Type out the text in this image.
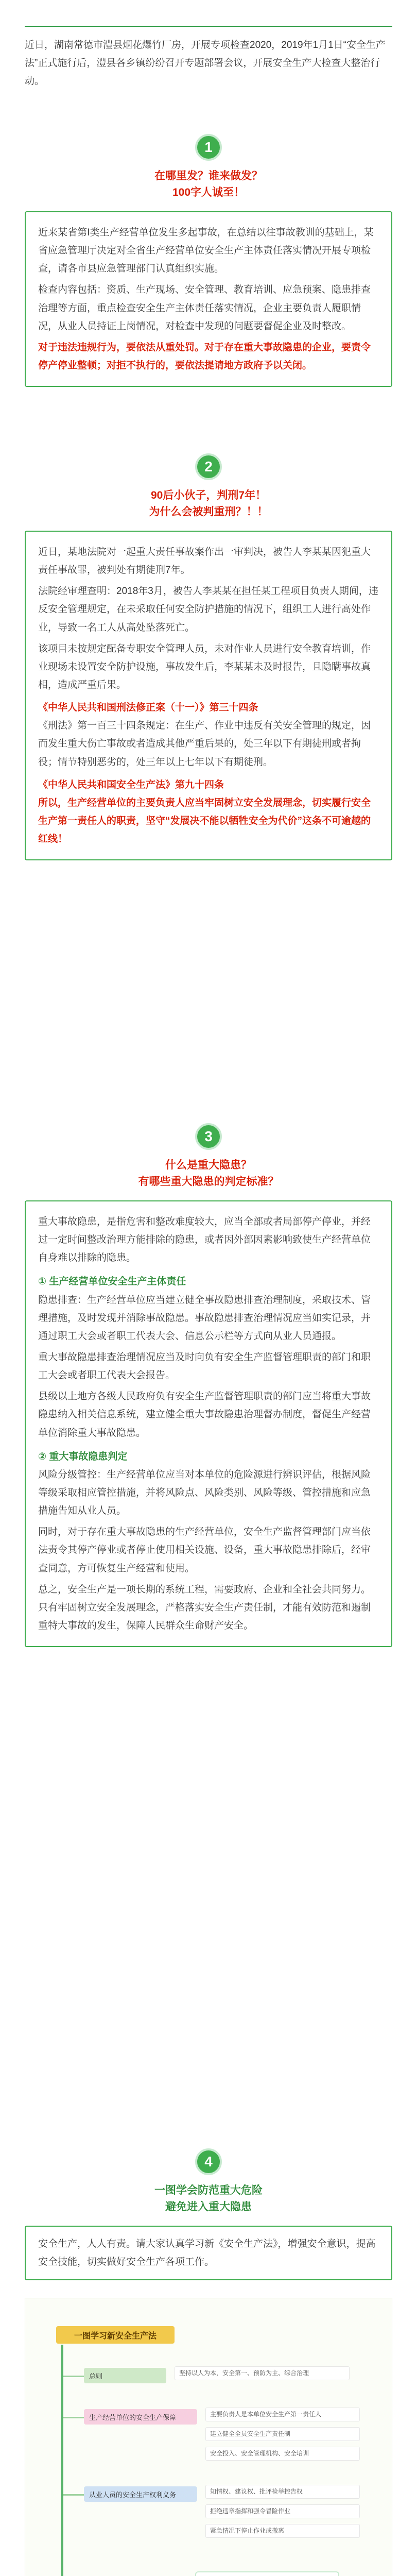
近日，湖南常德市澧县烟花爆竹厂房，开展专项检查2020，2019年1月1日“安全生产法”正式施行后，澧县各乡镇纷纷召开专题部署会议，开展安全生产大检查大整治行动。
1
在哪里发？谁来做发？
100字人诚至！
近来某省第Ⅰ类生产经营单位发生多起事故，在总结以往事故教训的基础上，某省应急管理厅决定对全省生产经营单位安全生产主体责任落实情况开展专项检查，请各市县应急管理部门认真组织实施。
检查内容包括：资质、生产现场、安全管理、教育培训、应急预案、隐患排查治理等方面，重点检查安全生产主体责任落实情况，企业主要负责人履职情况，从业人员持证上岗情况，对检查中发现的问题要督促企业及时整改。
对于违法违规行为，要依法从重处罚。对于存在重大事故隐患的企业，要责令停产停业整顿；对拒不执行的，要依法提请地方政府予以关闭。
2
90后小伙子，判刑7年！
为什么会被判重刑？！！
近日，某地法院对一起重大责任事故案作出一审判决，被告人李某某因犯重大责任事故罪，被判处有期徒刑7年。
法院经审理查明：2018年3月，被告人李某某在担任某工程项目负责人期间，违反安全管理规定，在未采取任何安全防护措施的情况下，组织工人进行高处作业，导致一名工人从高处坠落死亡。
该项目未按规定配备专职安全管理人员，未对作业人员进行安全教育培训，作业现场未设置安全防护设施，事故发生后，李某某未及时报告，且隐瞒事故真相，造成严重后果。
《中华人民共和国刑法修正案（十一）》第三十四条
《刑法》第一百三十四条规定：在生产、作业中违反有关安全管理的规定，因而发生重大伤亡事故或者造成其他严重后果的，处三年以下有期徒刑或者拘役；情节特别恶劣的，处三年以上七年以下有期徒刑。
《中华人民共和国安全生产法》第九十四条
所以，生产经营单位的主要负责人应当牢固树立安全发展理念，切实履行安全生产第一责任人的职责，坚守“发展决不能以牺牲安全为代价”这条不可逾越的红线！
3
什么是重大隐患？
有哪些重大隐患的判定标准？
重大事故隐患，是指危害和整改难度较大，应当全部或者局部停产停业，并经过一定时间整改治理方能排除的隐患，或者因外部因素影响致使生产经营单位自身难以排除的隐患。
① 生产经营单位安全生产主体责任
隐患排查：生产经营单位应当建立健全事故隐患排查治理制度，采取技术、管理措施，及时发现并消除事故隐患。事故隐患排查治理情况应当如实记录，并通过职工大会或者职工代表大会、信息公示栏等方式向从业人员通报。
重大事故隐患排查治理情况应当及时向负有安全生产监督管理职责的部门和职工大会或者职工代表大会报告。
县级以上地方各级人民政府负有安全生产监督管理职责的部门应当将重大事故隐患纳入相关信息系统，建立健全重大事故隐患治理督办制度，督促生产经营单位消除重大事故隐患。
② 重大事故隐患判定
风险分级管控：生产经营单位应当对本单位的危险源进行辨识评估，根据风险等级采取相应管控措施，并将风险点、风险类别、风险等级、管控措施和应急措施告知从业人员。
同时，对于存在重大事故隐患的生产经营单位，安全生产监督管理部门应当依法责令其停产停业或者停止使用相关设施、设备，重大事故隐患排除后，经审查同意，方可恢复生产经营和使用。
总之，安全生产是一项长期的系统工程，需要政府、企业和全社会共同努力。只有牢固树立安全发展理念，严格落实安全生产责任制，才能有效防范和遏制重特大事故的发生，保障人民群众生命财产安全。
4
一图学会防范重大危险
避免进入重大隐患
安全生产，人人有责。请大家认真学习新《安全生产法》，增强安全意识，提高安全技能，切实做好安全生产各项工作。
一图学习新安全生产法
总则	坚持以人为本，安全第一、预防为主、综合治理
生产经营单位的安全生产保障	主要负责人是本单位安全生产第一责任人
建立健全全员安全生产责任制
安全投入、安全管理机构、安全培训
从业人员的安全生产权利义务	知情权、建议权、批评检举控告权
拒绝违章指挥和强令冒险作业
紧急情况下停止作业或撤离
